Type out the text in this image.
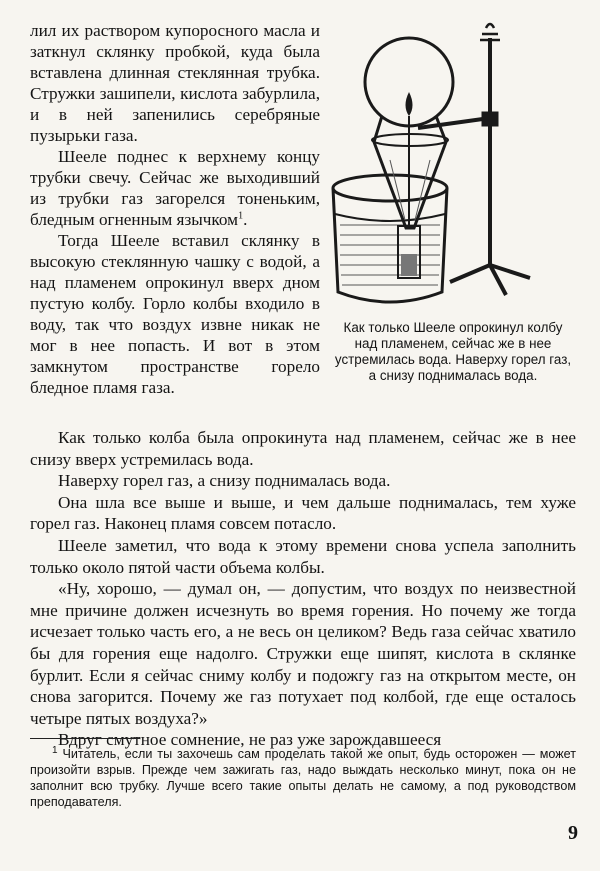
лил их раствором купоросного масла и заткнул склянку пробкой, куда была вставлена длинная стеклянная трубка. Стружки зашипели, кислота забурлила, и в ней запенились серебряные пузырьки газа.

Шееле поднес к верхнему концу трубки свечу. Сейчас же выходивший из трубки газ загорелся тоненьким, бледным огненным язычком$^1$.

Тогда Шееле вставил склянку в высокую стеклянную чашку с водой, а над пламенем опрокинул вверх дном пустую колбу. Горло колбы входило в воду, так что воздух извне никак не мог в нее попасть. И вот в этом замкнутом пространстве горело бледное пламя газа.

Как только Шееле опрокинул колбу над пламенем, сейчас же в нее устремилась вода. Наверху горел газ, а снизу поднималась вода.

Как только колба была опрокинута над пламенем, сейчас же в нее снизу вверх устремилась вода.

Наверху горел газ, а снизу поднималась вода.

Она шла все выше и выше, и чем дальше поднималась, тем хуже горел газ. Наконец пламя совсем потасло.

Шееле заметил, что вода к этому времени снова успела заполнить только около пятой части объема колбы.

«Ну, хорошо, — думал он, — допустим, что воздух по неизвестной мне причине должен исчезнуть во время горения. Но почему же тогда исчезает только часть его, а не весь он целиком? Ведь газа сейчас хватило бы для горения еще надолго. Стружки еще шипят, кислота в склянке бурлит. Если я сейчас сниму колбу и подожгу газ на открытом месте, он снова загорится. Почему же газ потухает под колбой, где еще осталось четыре пятых воздуха?»

Вдруг смутное сомнение, не раз уже зарождавшееся

$^1$ Читатель, если ты захочешь сам проделать такой же опыт, будь осторожен — может произойти взрыв. Прежде чем зажигать газ, надо выждать несколько минут, пока он не заполнит всю трубку. Лучше всего такие опыты делать не самому, а под руководством преподавателя.

9
